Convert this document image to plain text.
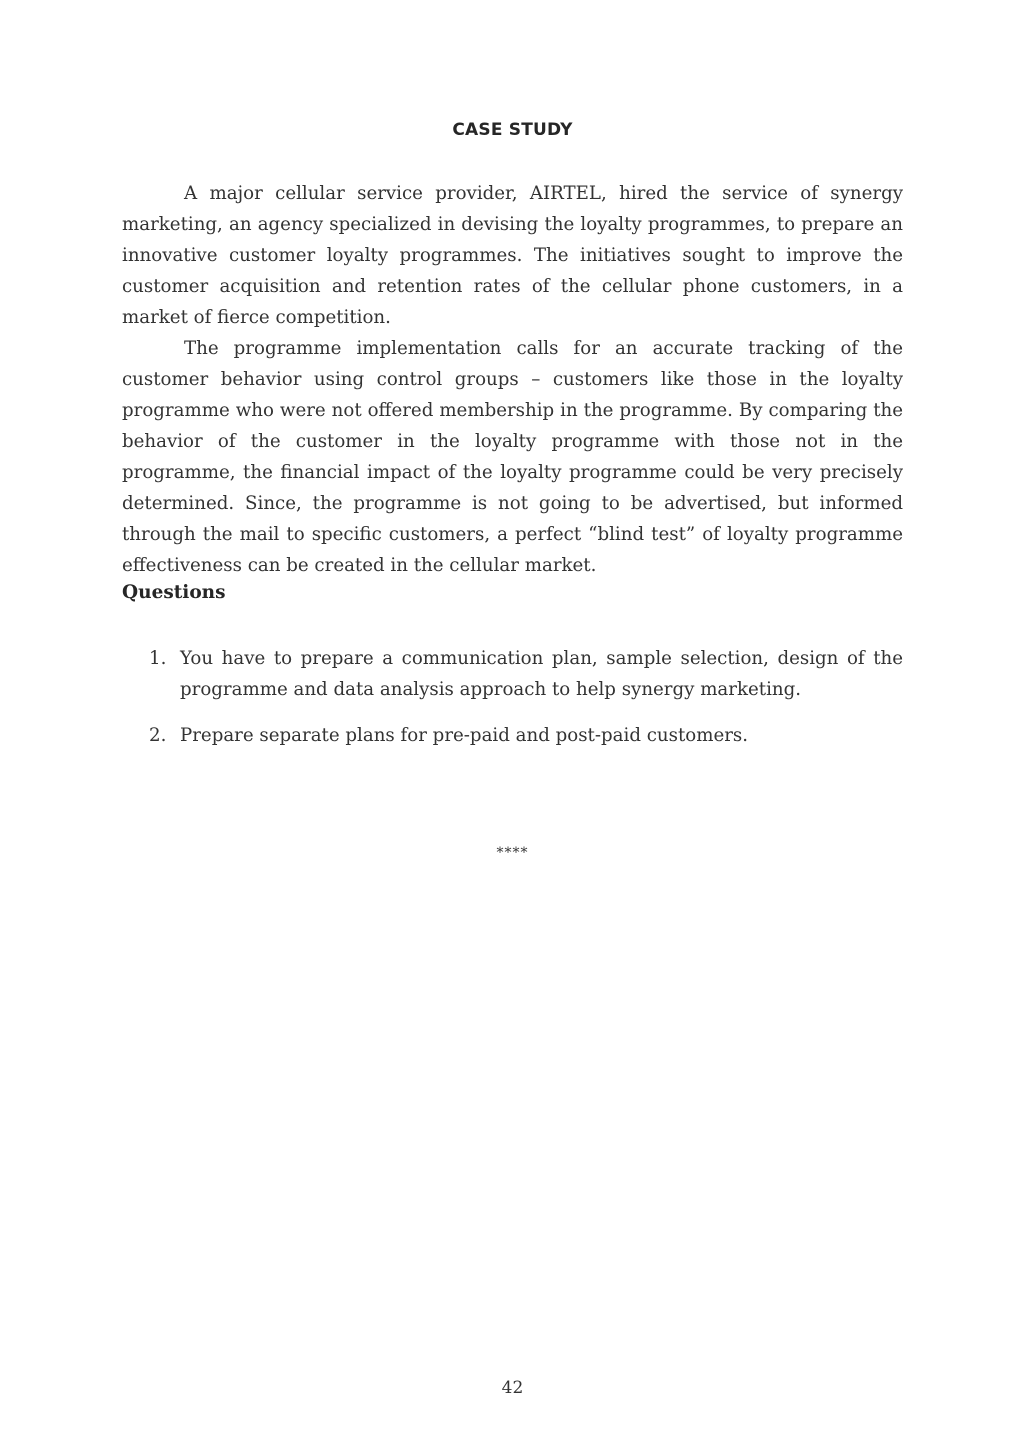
CASE STUDY

A major cellular service provider, AIRTEL, hired the service of synergy marketing, an agency specialized in devising the loyalty programmes, to prepare an innovative customer loyalty programmes. The initiatives sought to improve the customer acquisition and retention rates of the cellular phone customers, in a market of fierce competition.

The programme implementation calls for an accurate tracking of the customer behavior using control groups – customers like those in the loyalty programme who were not offered membership in the programme. By comparing the behavior of the customer in the loyalty programme with those not in the programme, the financial impact of the loyalty programme could be very precisely determined. Since, the programme is not going to be advertised, but informed through the mail to specific customers, a perfect “blind test” of loyalty programme effectiveness can be created in the cellular market.

Questions
1. You have to prepare a communication plan, sample selection, design of the programme and data analysis approach to help synergy marketing.
2. Prepare separate plans for pre-paid and post-paid customers.
****
42
